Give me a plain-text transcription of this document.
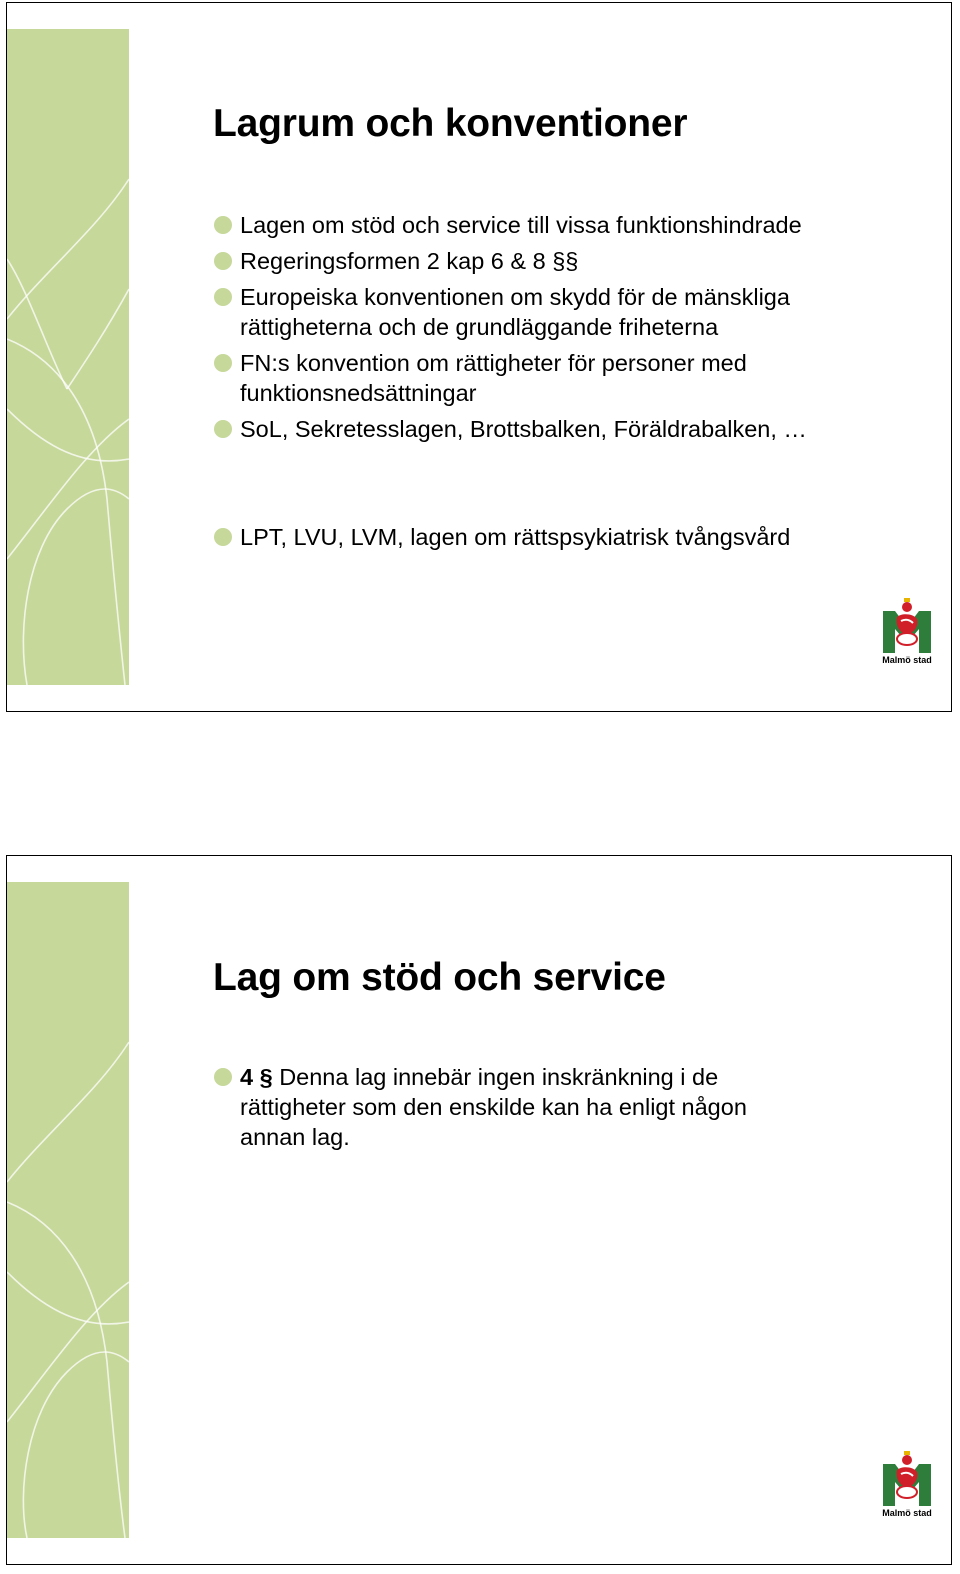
Lagrum och konventioner
Lagen om stöd och service till vissa funktionshindrade
Regeringsformen 2 kap 6 & 8 §§
Europeiska konventionen om skydd för de mänskliga
rättigheterna och de grundläggande friheterna
FN:s konvention om rättigheter för personer med
funktionsnedsättningar
SoL, Sekretesslagen, Brottsbalken, Föräldrabalken, …
LPT, LVU, LVM, lagen om rättspsykiatrisk tvångsvård
Malmö stad
Lag om stöd och service
4 § Denna lag innebär ingen inskränkning i de
rättigheter som den enskilde kan ha enligt någon
annan lag.
Malmö stad
